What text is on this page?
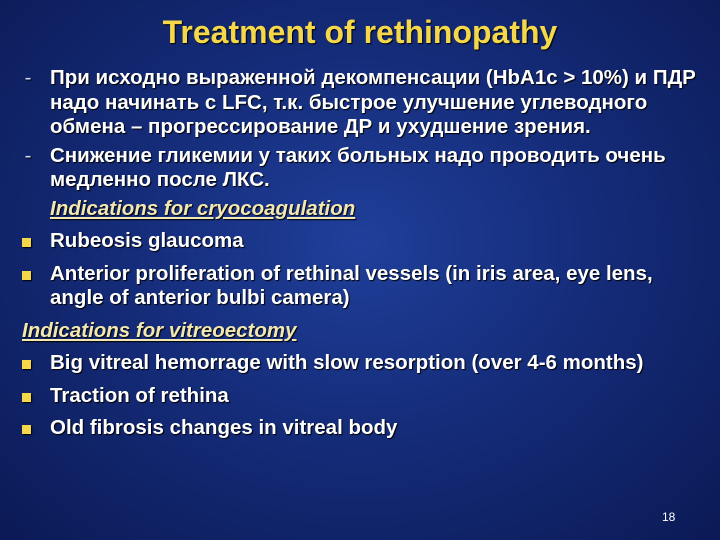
Treatment of rethinopathy
- При исходно выраженной декомпенсации (HbA1c > 10%) и ПДР надо начинать с LFC, т.к. быстрое улучшение углеводного обмена – прогрессирование ДР и ухудшение зрения.
- Снижение гликемии у таких больных надо проводить очень медленно после ЛКС.
Indications for cryocoagulation
Rubeosis glaucoma
Anterior proliferation of rethinal vessels (in iris area, eye lens, angle of anterior bulbi camera)
Indications for vitreoectomy
Big vitreal hemorrage with slow resorption (over 4-6 months)
Traction of rethina
Old fibrosis changes in vitreal body
18
